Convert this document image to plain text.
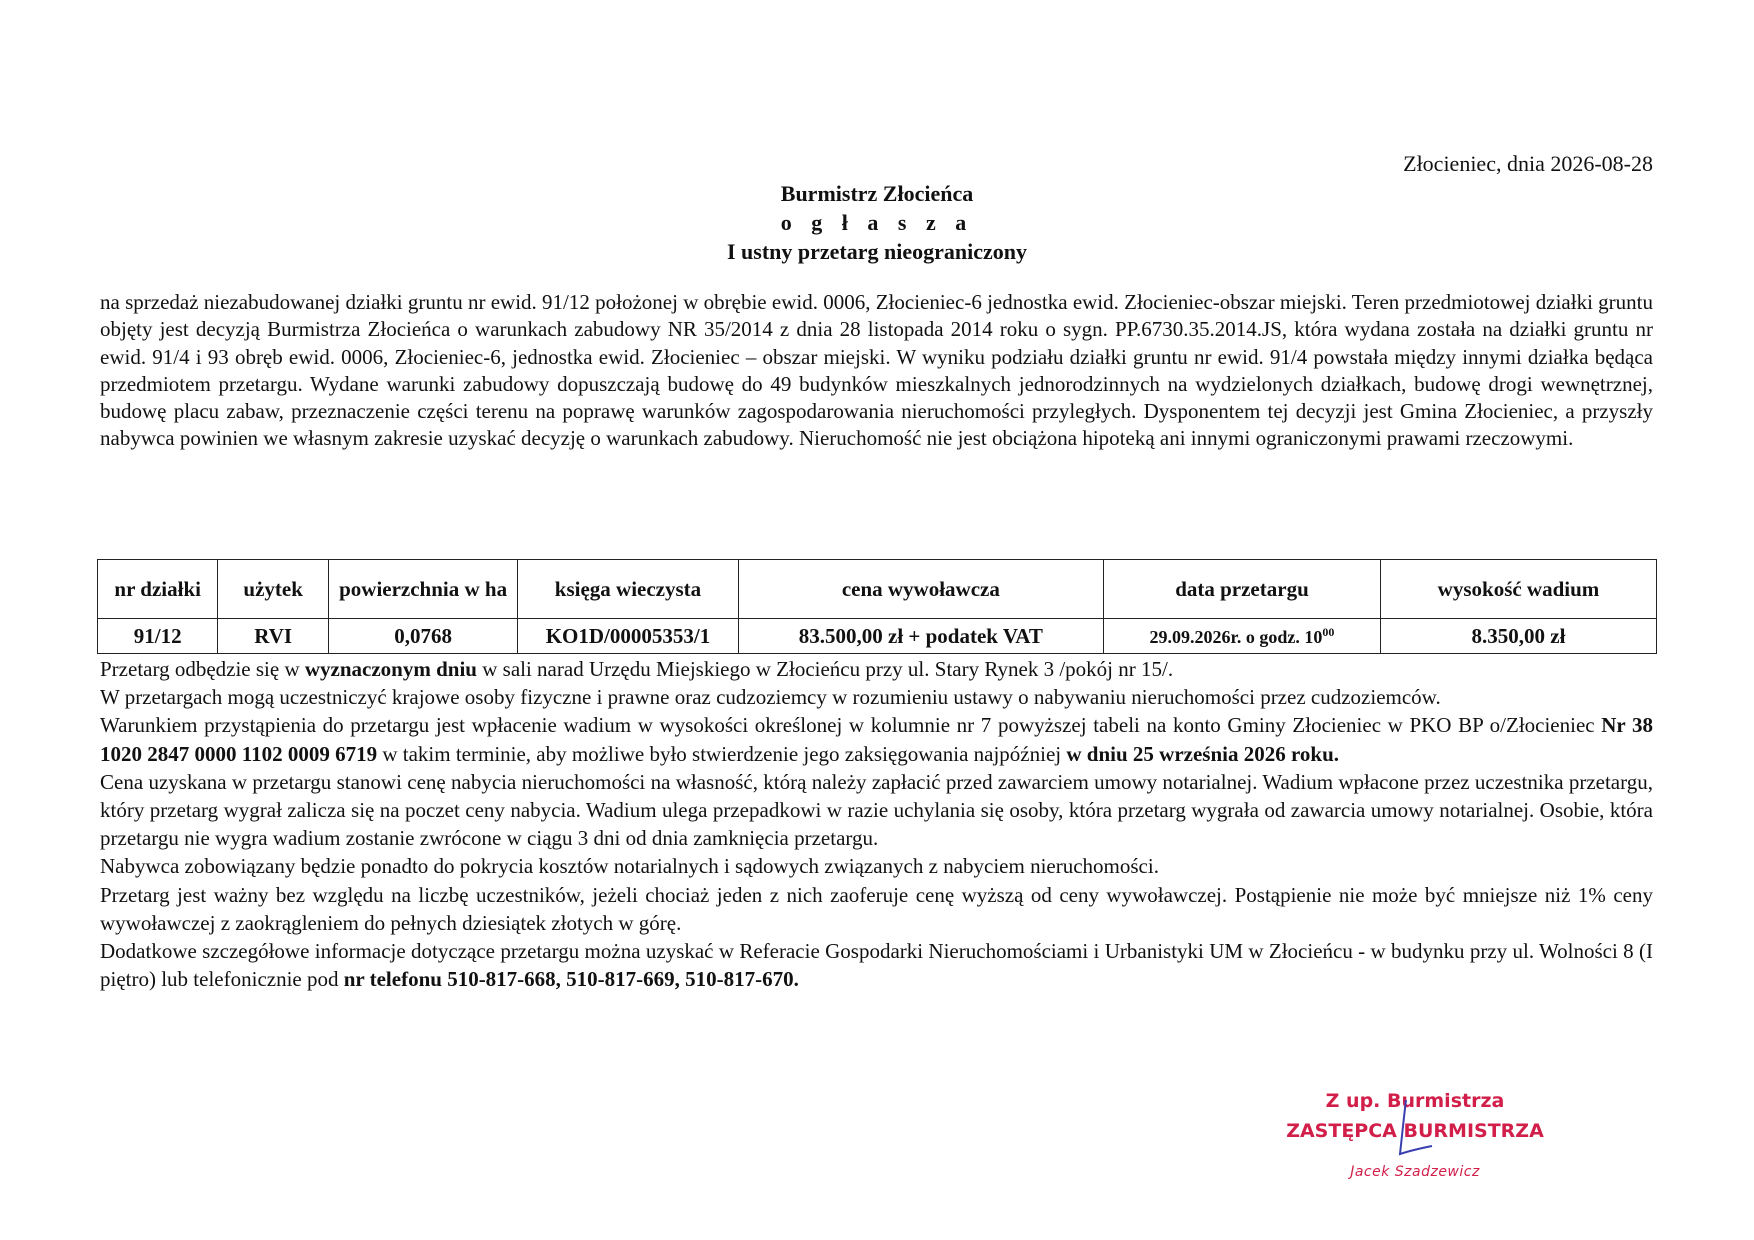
Złocieniec, dnia 2026-08-28
Burmistrz Złocieńca
o g ł a s z a
I ustny przetarg nieograniczony
na sprzedaż niezabudowanej działki gruntu nr ewid. 91/12 położonej w obrębie ewid. 0006, Złocieniec-6 jednostka ewid. Złocieniec-obszar miejski. Teren przedmiotowej działki gruntu objęty jest decyzją Burmistrza Złocieńca o warunkach zabudowy NR 35/2014 z dnia 28 listopada 2014 roku o sygn. PP.6730.35.2014.JS, która wydana została na działki gruntu nr ewid. 91/4 i 93 obręb ewid. 0006, Złocieniec-6, jednostka ewid. Złocieniec – obszar miejski. W wyniku podziału działki gruntu nr ewid. 91/4 powstała między innymi działka będąca przedmiotem przetargu. Wydane warunki zabudowy dopuszczają budowę do 49 budynków mieszkalnych jednorodzinnych na wydzielonych działkach, budowę drogi wewnętrznej, budowę placu zabaw, przeznaczenie części terenu na poprawę warunków zagospodarowania nieruchomości przyległych. Dysponentem tej decyzji jest Gmina Złocieniec, a przyszły nabywca powinien we własnym zakresie uzyskać decyzję o warunkach zabudowy. Nieruchomość nie jest obciążona hipoteką ani innymi ograniczonymi prawami rzeczowymi.
nr działki	użytek	powierzchnia w ha	księga wieczysta	cena wywoławcza	data przetargu	wysokość wadium
91/12	RVI	0,0768	KO1D/00005353/1	83.500,00 zł + podatek VAT	29.09.2026r. o godz. $10^{00}$	8.350,00 zł

Przetarg odbędzie się w wyznaczonym dniu w sali narad Urzędu Miejskiego w Złocieńcu przy ul. Stary Rynek 3 /pokój nr 15/.

W przetargach mogą uczestniczyć krajowe osoby fizyczne i prawne oraz cudzoziemcy w rozumieniu ustawy o nabywaniu nieruchomości przez cudzoziemców.

Warunkiem przystąpienia do przetargu jest wpłacenie wadium w wysokości określonej w kolumnie nr 7 powyższej tabeli na konto Gminy Złocieniec w PKO BP o/Złocieniec Nr 38 1020 2847 0000 1102 0009 6719 w takim terminie, aby możliwe było stwierdzenie jego zaksięgowania najpóźniej w dniu 25 września 2026 roku.

Cena uzyskana w przetargu stanowi cenę nabycia nieruchomości na własność, którą należy zapłacić przed zawarciem umowy notarialnej. Wadium wpłacone przez uczestnika przetargu, który przetarg wygrał zalicza się na poczet ceny nabycia. Wadium ulega przepadkowi w razie uchylania się osoby, która przetarg wygrała od zawarcia umowy notarialnej. Osobie, która przetargu nie wygra wadium zostanie zwrócone w ciągu 3 dni od dnia zamknięcia przetargu.

Nabywca zobowiązany będzie ponadto do pokrycia kosztów notarialnych i sądowych związanych z nabyciem nieruchomości.

Przetarg jest ważny bez względu na liczbę uczestników, jeżeli chociaż jeden z nich zaoferuje cenę wyższą od ceny wywoławczej. Postąpienie nie może być mniejsze niż 1% ceny wywoławczej z zaokrągleniem do pełnych dziesiątek złotych w górę.

Dodatkowe szczegółowe informacje dotyczące przetargu można uzyskać w Referacie Gospodarki Nieruchomościami i Urbanistyki UM w Złocieńcu - w budynku przy ul. Wolności 8 (I piętro) lub telefonicznie pod nr telefonu 510-817-668, 510-817-669, 510-817-670.

Z up. Burmistrza
ZASTĘPCA BURMISTRZA
Jacek Szadzewicz
